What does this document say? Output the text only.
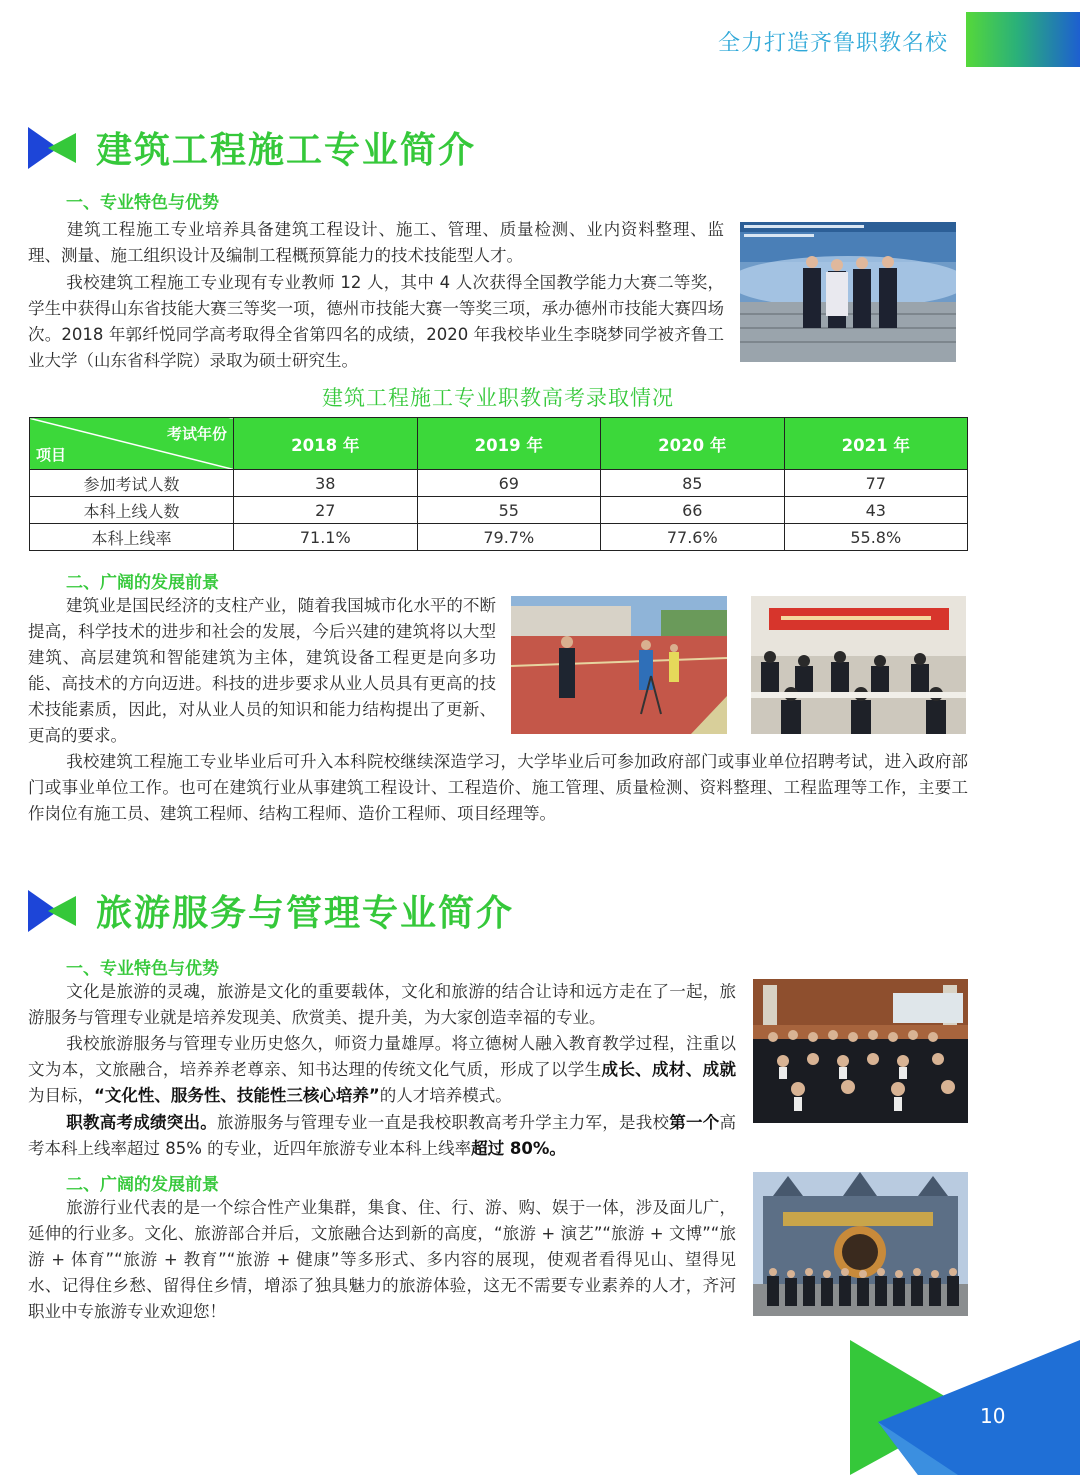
全力打造齐鲁职教名校
建筑工程施工专业简介
一、专业特色与优势
建筑工程施工专业培养具备建筑工程设计、施工、管理、质量检测、业内资料整理、监理、测量、施工组织设计及编制工程概预算能力的技术技能型人才。
我校建筑工程施工专业现有专业教师 12 人，其中 4 人次获得全国教学能力大赛二等奖，学生中获得山东省技能大赛三等奖一项，德州市技能大赛一等奖三项，承办德州市技能大赛四场次。2018 年郭纤悦同学高考取得全省第四名的成绩，2020 年我校毕业生李晓梦同学被齐鲁工业大学（山东省科学院）录取为硕士研究生。
建筑工程施工专业职教高考录取情况
考试年份
项目	2018 年	2019 年	2020 年	2021 年
参加考试人数	38	69	85	77
本科上线人数	27	55	66	43
本科上线率	71.1%	79.7%	77.6%	55.8%
二、广阔的发展前景
建筑业是国民经济的支柱产业，随着我国城市化水平的不断提高，科学技术的进步和社会的发展，今后兴建的建筑将以大型建筑、高层建筑和智能建筑为主体，建筑设备工程更是向多功能、高技术的方向迈进。科技的进步要求从业人员具有更高的技术技能素质，因此，对从业人员的知识和能力结构提出了更新、更高的要求。
我校建筑工程施工专业毕业后可升入本科院校继续深造学习，大学毕业后可参加政府部门或事业单位招聘考试，进入政府部门或事业单位工作。也可在建筑行业从事建筑工程设计、工程造价、施工管理、质量检测、资料整理、工程监理等工作，主要工作岗位有施工员、建筑工程师、结构工程师、造价工程师、项目经理等。
旅游服务与管理专业简介
一、专业特色与优势
文化是旅游的灵魂，旅游是文化的重要载体，文化和旅游的结合让诗和远方走在了一起，旅游服务与管理专业就是培养发现美、欣赏美、提升美，为大家创造幸福的专业。
我校旅游服务与管理专业历史悠久，师资力量雄厚。将立德树人融入教育教学过程，注重以文为本，文旅融合，培养养老尊亲、知书达理的传统文化气质，形成了以学生成长、成材、成就为目标，“文化性、服务性、技能性三核心培养”的人才培养模式。
职教高考成绩突出。旅游服务与管理专业一直是我校职教高考升学主力军，是我校第一个高考本科上线率超过 85% 的专业，近四年旅游专业本科上线率超过 80%。
二、广阔的发展前景
旅游行业代表的是一个综合性产业集群，集食、住、行、游、购、娱于一体，涉及面儿广，延伸的行业多。文化、旅游部合并后，文旅融合达到新的高度，“旅游 + 演艺”“旅游 + 文博”“旅游 + 体育”“旅游 + 教育”“旅游 + 健康”等多形式、多内容的展现，使观者看得见山、望得见水、记得住乡愁、留得住乡情，增添了独具魅力的旅游体验，这无不需要专业素养的人才，齐河职业中专旅游专业欢迎您！
10
